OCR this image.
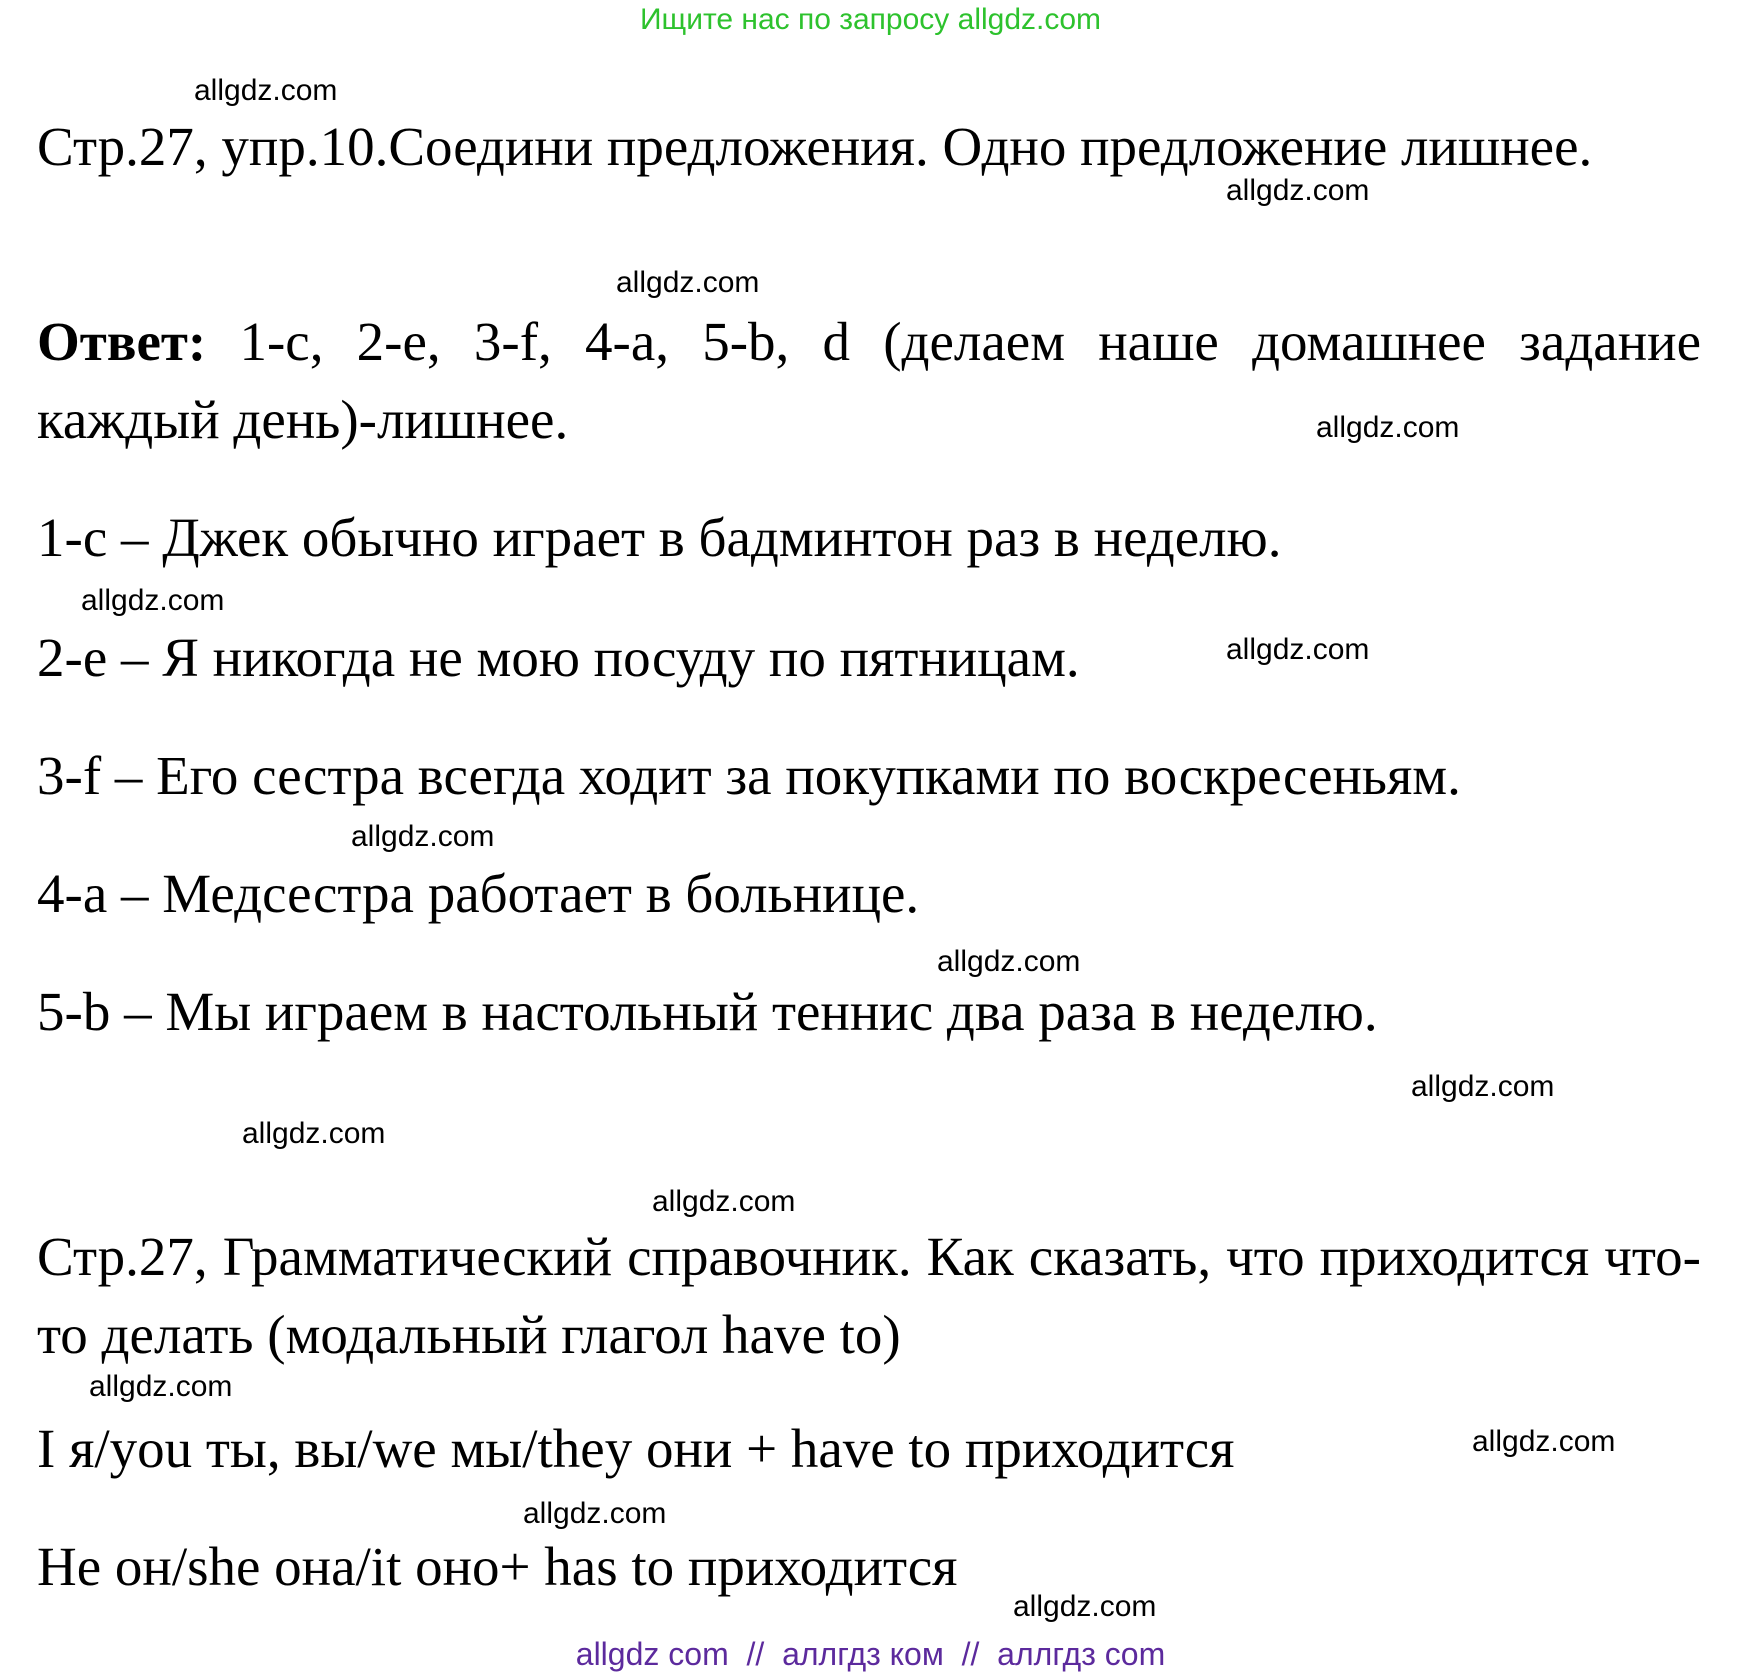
Ищите нас по запросу allgdz.com
Стр.27, упр.10.Соедини предложения. Одно предложение лишнее.
Ответ: 1-c, 2-e, 3-f, 4-a, 5-b, d (делаем наше домашнее задание каждый день)-лишнее.
1-c – Джек обычно играет в бадминтон раз в неделю.
2-e – Я никогда не мою посуду по пятницам.
3-f – Его сестра всегда ходит за покупками по воскресеньям.
4-a – Медсестра работает в больнице.
5-b – Мы играем в настольный теннис два раза в неделю.
Стр.27, Грамматический справочник. Как сказать, что приходится что-то делать (модальный глагол have to)
I я/you ты, вы/we мы/they они + have to приходится
He он/she она/it оно+ has to приходится
allgdz.com
allgdz.com
allgdz.com
allgdz.com
allgdz.com
allgdz.com
allgdz.com
allgdz.com
allgdz.com
allgdz.com
allgdz.com
allgdz.com
allgdz.com
allgdz.com
allgdz.com
allgdz com  //  аллгдз ком  //  аллгдз com
